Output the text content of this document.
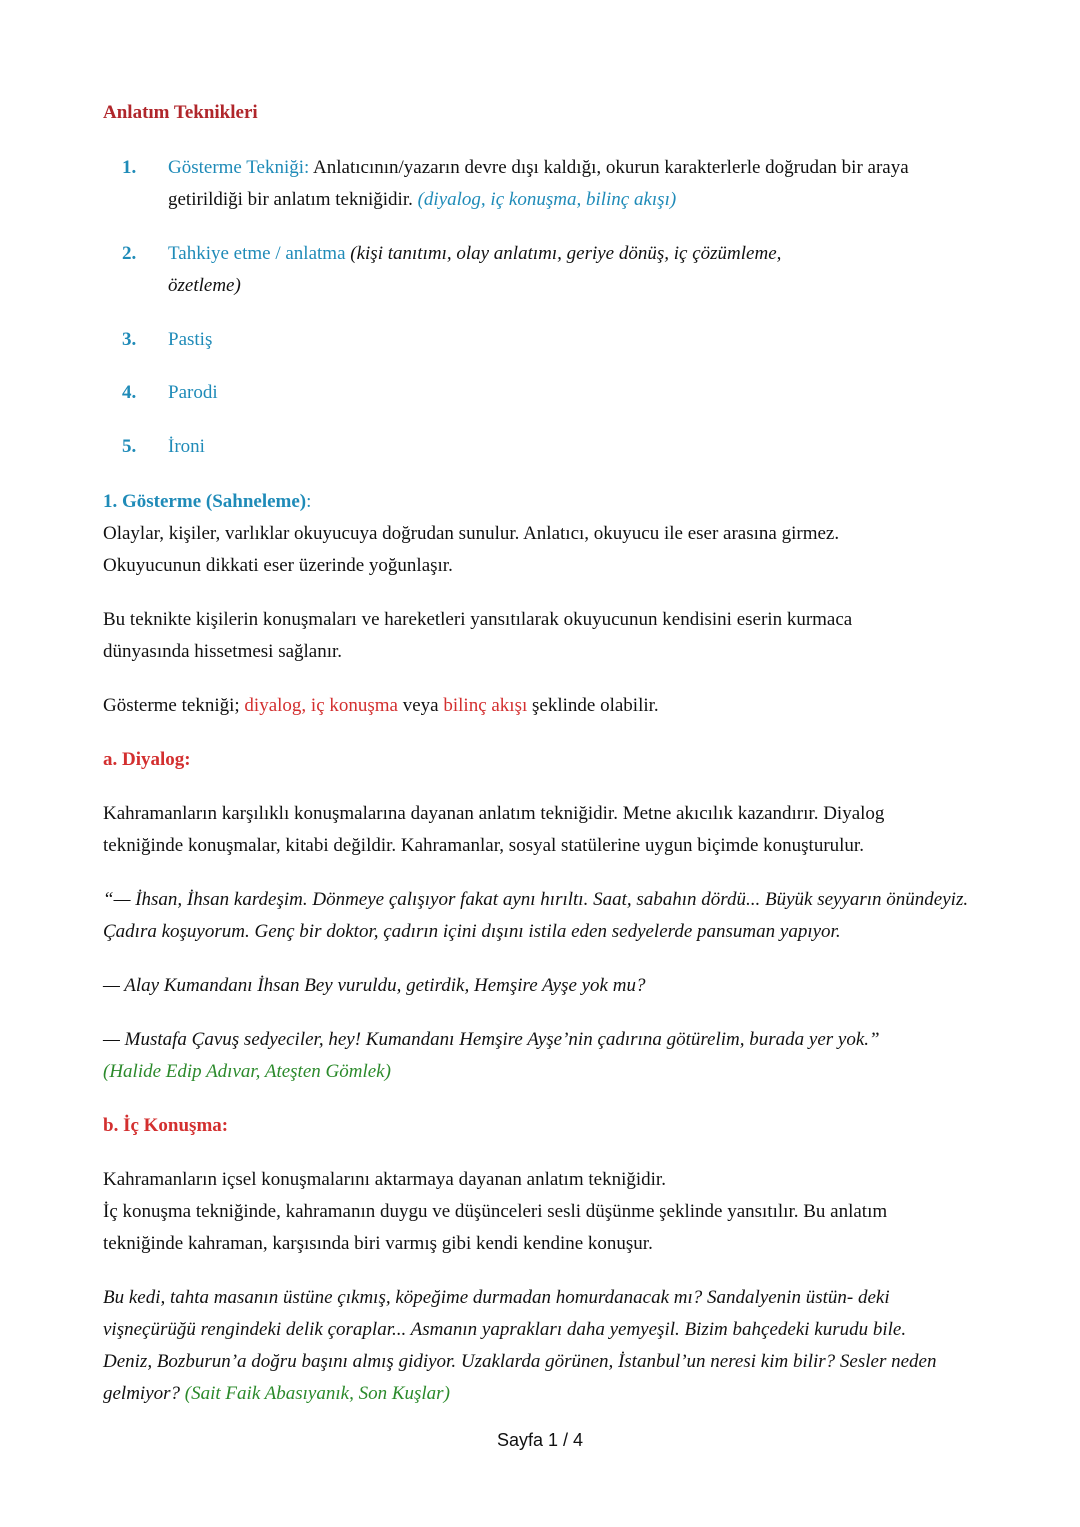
Anlatım Teknikleri
1. Gösterme Tekniği: Anlatıcının/yazarın devre dışı kaldığı, okurun karakterlerle doğrudan bir araya getirildiği bir anlatım tekniğidir. (diyalog, iç konuşma, bilinç akışı)
2. Tahkiye etme / anlatma (kişi tanıtımı, olay anlatımı, geriye dönüş, iç çözümleme, özetleme)
3. Pastiş
4. Parodi
5. İroni
1. Gösterme (Sahneleme):
Olaylar, kişiler, varlıklar okuyucuya doğrudan sunulur. Anlatıcı, okuyucu ile eser arasına girmez. Okuyucunun dikkati eser üzerinde yoğunlaşır.
Bu teknikte kişilerin konuşmaları ve hareketleri yansıtılarak okuyucunun kendisini eserin kurmaca dünyasında hissetmesi sağlanır.
Gösterme tekniği; diyalog, iç konuşma veya bilinç akışı şeklinde olabilir.
a. Diyalog:
Kahramanların karşılıklı konuşmalarına dayanan anlatım tekniğidir. Metne akıcılık kazandırır. Diyalog tekniğinde konuşmalar, kitabi değildir. Kahramanlar, sosyal statülerine uygun biçimde konuşturulur.
“— İhsan, İhsan kardeşim. Dönmeye çalışıyor fakat aynı hırıltı. Saat, sabahın dördü... Büyük seyyarın önündeyiz. Çadıra koşuyorum. Genç bir doktor, çadırın içini dışını istila eden sedyelerde pansuman yapıyor.
— Alay Kumandanı İhsan Bey vuruldu, getirdik, Hemşire Ayşe yok mu?
— Mustafa Çavuş sedyeciler, hey! Kumandanı Hemşire Ayşe’nin çadırına götürelim, burada yer yok.”
(Halide Edip Adıvar, Ateşten Gömlek)
b. İç Konuşma:
Kahramanların içsel konuşmalarını aktarmaya dayanan anlatım tekniğidir.
İç konuşma tekniğinde, kahramanın duygu ve düşünceleri sesli düşünme şeklinde yansıtılır. Bu anlatım tekniğinde kahraman, karşısında biri varmış gibi kendi kendine konuşur.
Bu kedi, tahta masanın üstüne çıkmış, köpeğime durmadan homurdanacak mı? Sandalyenin üstün- deki vişneçürüğü rengindeki delik çoraplar... Asmanın yaprakları daha yemyeşil. Bizim bahçedeki kurudu bile. Deniz, Bozburun’a doğru başını almış gidiyor. Uzaklarda görünen, İstanbul’un neresi kim bilir? Sesler neden gelmiyor? (Sait Faik Abasıyanık, Son Kuşlar)
Sayfa 1 / 4
